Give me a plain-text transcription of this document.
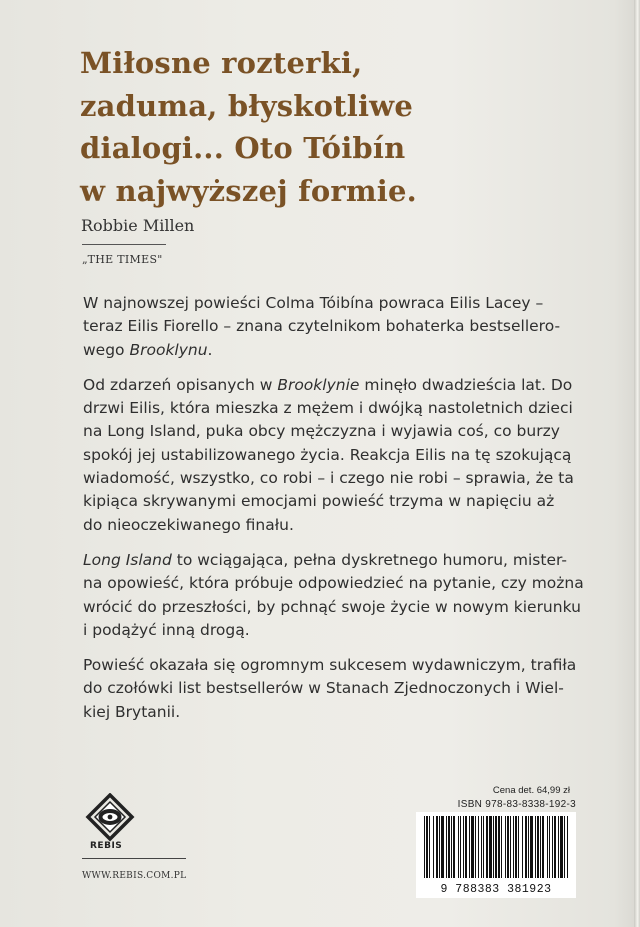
Miłosne rozterki,
zaduma, błyskotliwe
dialogi... Oto Tóibín
w najwyższej formie.
Robbie Millen
„THE TIMES"

W najnowszej powieści Colma Tóibína powraca Eilis Lacey –
teraz Eilis Fiorello – znana czytelnikom bohaterka bestsellero-
wego Brooklynu.

Od zdarzeń opisanych w Brooklynie minęło dwadzieścia lat. Do
drzwi Eilis, która mieszka z mężem i dwójką nastoletnich dzieci
na Long Island, puka obcy mężczyzna i wyjawia coś, co burzy
spokój jej ustabilizowanego życia. Reakcja Eilis na tę szokującą
wiadomość, wszystko, co robi – i czego nie robi – sprawia, że ta
kipiąca skrywanymi emocjami powieść trzyma w napięciu aż
do nieoczekiwanego finału.

Long Island to wciągająca, pełna dyskretnego humoru, mister-
na opowieść, która próbuje odpowiedzieć na pytanie, czy można
wrócić do przeszłości, by pchnąć swoje życie w nowym kierunku
i podążyć inną drogą.

Powieść okazała się ogromnym sukcesem wydawniczym, trafiła
do czołówki list bestsellerów w Stanach Zjednoczonych i Wiel-
kiej Brytanii.

REBIS
WWW.REBIS.COM.PL
Cena det. 64,99 zł
ISBN 978-83-8338-192-3
9 788383 381923
